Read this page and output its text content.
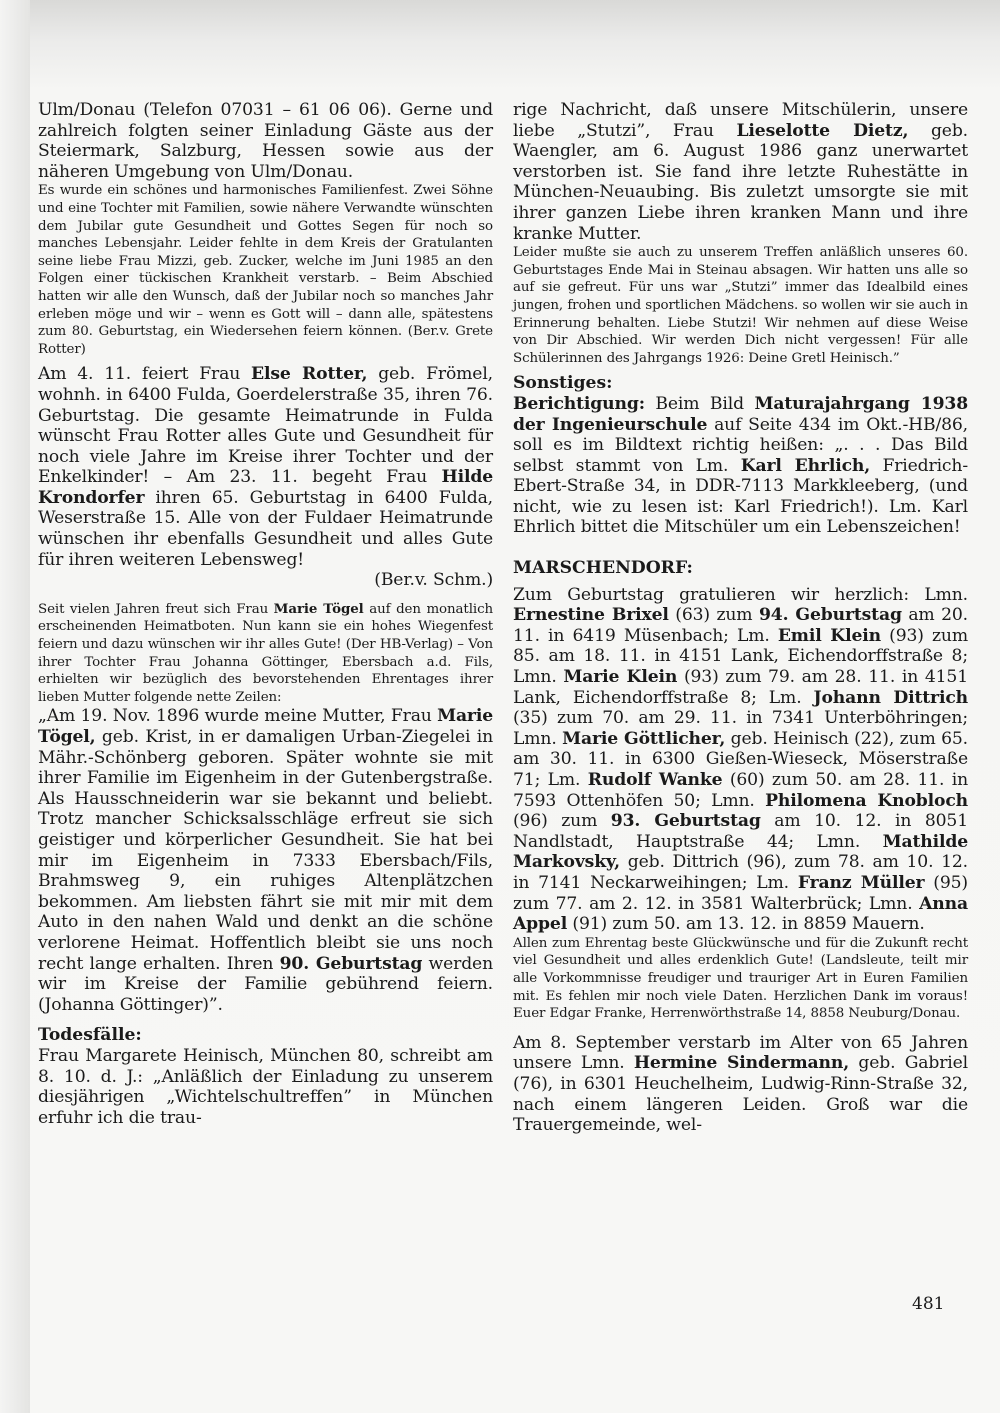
Ulm/Donau (Telefon 07031 – 61 06 06). Gerne und zahlreich folgten seiner Einladung Gäste aus der Steiermark, Salzburg, Hessen sowie aus der näheren Umgebung von Ulm/Donau.

Es wurde ein schönes und harmonisches Familienfest. Zwei Söhne und eine Tochter mit Familien, sowie nähere Verwandte wünschten dem Jubilar gute Gesundheit und Gottes Segen für noch so manches Lebensjahr. Leider fehlte in dem Kreis der Gratulanten seine liebe Frau Mizzi, geb. Zucker, welche im Juni 1985 an den Folgen einer tückischen Krankheit verstarb. – Beim Abschied hatten wir alle den Wunsch, daß der Jubilar noch so manches Jahr erleben möge und wir – wenn es Gott will – dann alle, spätestens zum 80. Geburtstag, ein Wiedersehen feiern können. (Ber.v. Grete Rotter)

Am 4. 11. feiert Frau Else Rotter, geb. Frömel, wohnh. in 6400 Fulda, Goerdelerstraße 35, ihren 76. Geburtstag. Die gesamte Heimatrunde in Fulda wünscht Frau Rotter alles Gute und Gesundheit für noch viele Jahre im Kreise ihrer Tochter und der Enkelkinder! – Am 23. 11. begeht Frau Hilde Krondorfer ihren 65. Geburtstag in 6400 Fulda, Weserstraße 15. Alle von der Fuldaer Heimatrunde wünschen ihr ebenfalls Gesundheit und alles Gute für ihren weiteren Lebensweg!

(Ber.v. Schm.)

Seit vielen Jahren freut sich Frau Marie Tögel auf den monatlich erscheinenden Heimatboten. Nun kann sie ein hohes Wiegenfest feiern und dazu wünschen wir ihr alles Gute! (Der HB-Verlag) – Von ihrer Tochter Frau Johanna Göttinger, Ebersbach a.d. Fils, erhielten wir bezüglich des bevorstehenden Ehrentages ihrer lieben Mutter folgende nette Zeilen:

„Am 19. Nov. 1896 wurde meine Mutter, Frau Marie Tögel, geb. Krist, in er damaligen Urban-Ziegelei in Mähr.-Schönberg geboren. Später wohnte sie mit ihrer Familie im Eigenheim in der Gutenbergstraße. Als Hausschneiderin war sie bekannt und beliebt. Trotz mancher Schicksalsschläge erfreut sie sich geistiger und körperlicher Gesundheit. Sie hat bei mir im Eigenheim in 7333 Ebersbach/Fils, Brahmsweg 9, ein ruhiges Altenplätzchen bekommen. Am liebsten fährt sie mit mir mit dem Auto in den nahen Wald und denkt an die schöne verlorene Heimat. Hoffentlich bleibt sie uns noch recht lange erhalten. Ihren 90. Geburtstag werden wir im Kreise der Familie gebührend feiern. (Johanna Göttinger)”.

Todesfälle:

Frau Margarete Heinisch, München 80, schreibt am 8. 10. d. J.: „Anläßlich der Einladung zu unserem diesjährigen „Wichtelschultreffen” in München erfuhr ich die trau-

rige Nachricht, daß unsere Mitschülerin, unsere liebe „Stutzi”, Frau Lieselotte Dietz, geb. Waengler, am 6. August 1986 ganz unerwartet verstorben ist. Sie fand ihre letzte Ruhestätte in München-Neuaubing. Bis zuletzt umsorgte sie mit ihrer ganzen Liebe ihren kranken Mann und ihre kranke Mutter.

Leider mußte sie auch zu unserem Treffen anläßlich unseres 60. Geburtstages Ende Mai in Steinau absagen. Wir hatten uns alle so auf sie gefreut. Für uns war „Stutzi” immer das Idealbild eines jungen, frohen und sportlichen Mädchens. so wollen wir sie auch in Erinnerung behalten. Liebe Stutzi! Wir nehmen auf diese Weise von Dir Abschied. Wir werden Dich nicht vergessen! Für alle Schülerinnen des Jahrgangs 1926: Deine Gretl Heinisch.”

Sonstiges:

Berichtigung: Beim Bild Maturajahrgang 1938 der Ingenieurschule auf Seite 434 im Okt.-HB/86, soll es im Bildtext richtig heißen: „. . . Das Bild selbst stammt von Lm. Karl Ehrlich, Friedrich-Ebert-Straße 34, in DDR-7113 Markkleeberg, (und nicht, wie zu lesen ist: Karl Friedrich!). Lm. Karl Ehrlich bittet die Mitschüler um ein Lebenszeichen!

MARSCHENDORF:

Zum Geburtstag gratulieren wir herzlich: Lmn. Ernestine Brixel (63) zum 94. Geburtstag am 20. 11. in 6419 Müsenbach; Lm. Emil Klein (93) zum 85. am 18. 11. in 4151 Lank, Eichendorffstraße 8; Lmn. Marie Klein (93) zum 79. am 28. 11. in 4151 Lank, Eichendorffstraße 8; Lm. Johann Dittrich (35) zum 70. am 29. 11. in 7341 Unterböhringen; Lmn. Marie Göttlicher, geb. Heinisch (22), zum 65. am 30. 11. in 6300 Gießen-Wieseck, Möserstraße 71; Lm. Rudolf Wanke (60) zum 50. am 28. 11. in 7593 Ottenhöfen 50; Lmn. Philomena Knobloch (96) zum 93. Geburtstag am 10. 12. in 8051 Nandlstadt, Hauptstraße 44; Lmn. Mathilde Markovsky, geb. Dittrich (96), zum 78. am 10. 12. in 7141 Neckarweihingen; Lm. Franz Müller (95) zum 77. am 2. 12. in 3581 Walterbrück; Lmn. Anna Appel (91) zum 50. am 13. 12. in 8859 Mauern.

Allen zum Ehrentag beste Glückwünsche und für die Zukunft recht viel Gesundheit und alles erdenklich Gute! (Landsleute, teilt mir alle Vorkommnisse freudiger und trauriger Art in Euren Familien mit. Es fehlen mir noch viele Daten. Herzlichen Dank im voraus! Euer Edgar Franke, Herrenwörthstraße 14, 8858 Neuburg/Donau.

Am 8. September verstarb im Alter von 65 Jahren unsere Lmn. Hermine Sindermann, geb. Gabriel (76), in 6301 Heuchelheim, Ludwig-Rinn-Straße 32, nach einem längeren Leiden. Groß war die Trauergemeinde, wel-

481
